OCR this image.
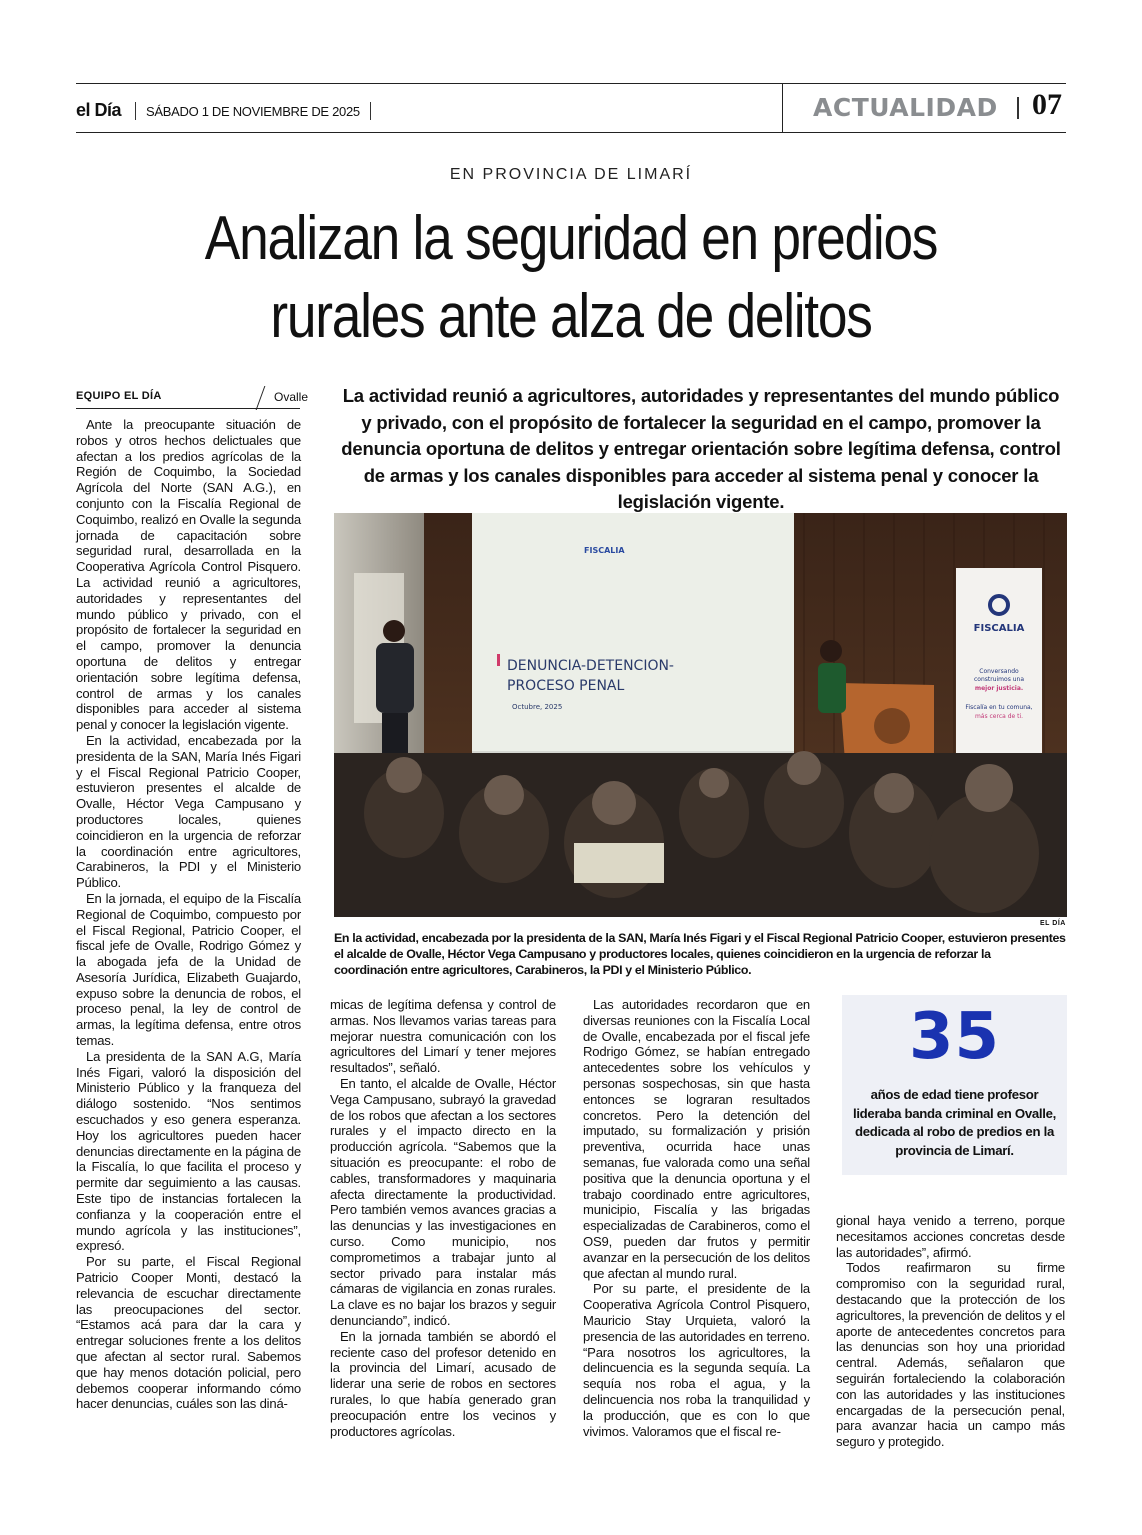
el Día SÁBADO 1 DE NOVIEMBRE DE 2025	ACTUALIDAD 07
EN PROVINCIA DE LIMARÍ
Analizan la seguridad en predios rurales ante alza de delitos
EQUIPO EL DÍA	Ovalle La actividad reunió a agricultores, autoridades y representantes del mundo público y privado, con el propósito de fortalecer la seguridad en el campo, promover la denuncia oportuna de delitos y entregar orientación sobre legítima defensa, control de armas y los canales disponibles para acceder al sistema penal y conocer la legislación vigente.
FISCALIA
DENUNCIA-DETENCION-
PROCESO PENAL
Octubre, 2025
FISCALIA
Conversando
construimos una
mejor justicia.
Fiscalía en tu comuna,
más cerca de ti.
EL DÍA
En la actividad, encabezada por la presidenta de la SAN, María Inés Figari y el Fiscal Regional Patricio Cooper, estuvieron presentes el alcalde de Ovalle, Héctor Vega Campusano y productores locales, quienes coincidieron en la urgencia de reforzar la coordinación entre agricultores, Carabineros, la PDI y el Ministerio Público.

Ante la preocupante situación de robos y otros hechos delictuales que afectan a los predios agrícolas de la Región de Coquimbo, la Sociedad Agrícola del Norte (SAN A.G.), en conjunto con la Fiscalía Regional de Coquimbo, realizó en Ovalle la segunda jornada de capacitación sobre seguridad rural, desarrollada en la Cooperativa Agrícola Control Pisquero. La actividad reunió a agricultores, autoridades y representantes del mundo público y privado, con el propósito de fortalecer la seguridad en el campo, promover la denuncia oportuna de delitos y entregar orientación sobre legítima defensa, control de armas y los canales disponibles para acceder al sistema penal y conocer la legislación vigente.

En la actividad, encabezada por la presidenta de la SAN, María Inés Figari y el Fiscal Regional Patricio Cooper, estuvieron presentes el alcalde de Ovalle, Héctor Vega Campusano y productores locales, quienes coincidieron en la urgencia de reforzar la coordinación entre agricultores, Carabineros, la PDI y el Ministerio Público.

En la jornada, el equipo de la Fiscalía Regional de Coquimbo, compuesto por el Fiscal Regional, Patricio Cooper, el fiscal jefe de Ovalle, Rodrigo Gómez y la abogada jefa de la Unidad de Asesoría Jurídica, Elizabeth Guajardo, expuso sobre la denuncia de robos, el proceso penal, la ley de control de armas, la legítima defensa, entre otros temas.

La presidenta de la SAN A.G, María Inés Figari, valoró la disposición del Ministerio Público y la franqueza del diálogo sostenido. “Nos sentimos escuchados y eso genera esperanza. Hoy los agricultores pueden hacer denuncias directamente en la página de la Fiscalía, lo que facilita el proceso y permite dar seguimiento a las causas. Este tipo de instancias fortalecen la confianza y la cooperación entre el mundo agrícola y las instituciones”, expresó.

Por su parte, el Fiscal Regional Patricio Cooper Monti, destacó la relevancia de escuchar directamente las preocupaciones del sector. “Estamos acá para dar la cara y entregar soluciones frente a los delitos que afectan al sector rural. Sabemos que hay menos dotación policial, pero debemos cooperar informando cómo hacer denuncias, cuáles son las diná-

micas de legítima defensa y control de armas. Nos llevamos varias tareas para mejorar nuestra comunicación con los agricultores del Limarí y tener mejores resultados”, señaló.

En tanto, el alcalde de Ovalle, Héctor Vega Campusano, subrayó la gravedad de los robos que afectan a los sectores rurales y el impacto directo en la producción agrícola. “Sabemos que la situación es preocupante: el robo de cables, transformadores y maquinaria afecta directamente la productividad. Pero también vemos avances gracias a las denuncias y las investigaciones en curso. Como municipio, nos comprometimos a trabajar junto al sector privado para instalar más cámaras de vigilancia en zonas rurales. La clave es no bajar los brazos y seguir denunciando”, indicó.

En la jornada también se abordó el reciente caso del profesor detenido en la provincia del Limarí, acusado de liderar una serie de robos en sectores rurales, lo que había generado gran preocupación entre los vecinos y productores agrícolas.

Las autoridades recordaron que en diversas reuniones con la Fiscalía Local de Ovalle, encabezada por el fiscal jefe Rodrigo Gómez, se habían entregado antecedentes sobre los vehículos y personas sospechosas, sin que hasta entonces se lograran resultados concretos. Pero la detención del imputado, su formalización y prisión preventiva, ocurrida hace unas semanas, fue valorada como una señal positiva que la denuncia oportuna y el trabajo coordinado entre agricultores, municipio, Fiscalía y las brigadas especializadas de Carabineros, como el OS9, pueden dar frutos y permitir avanzar en la persecución de los delitos que afectan al mundo rural.

Por su parte, el presidente de la Cooperativa Agrícola Control Pisquero, Mauricio Stay Urquieta, valoró la presencia de las autoridades en terreno. “Para nosotros los agricultores, la delincuencia es la segunda sequía. La sequía nos roba el agua, y la delincuencia nos roba la tranquilidad y la producción, que es con lo que vivimos. Valoramos que el fiscal re-

35
años de edad tiene profesor lideraba banda criminal en Ovalle, dedicada al robo de predios en la provincia de Limarí.

gional haya venido a terreno, porque necesitamos acciones concretas desde las autoridades”, afirmó.

Todos reafirmaron su firme compromiso con la seguridad rural, destacando que la protección de los agricultores, la prevención de delitos y el aporte de antecedentes concretos para las denuncias son hoy una prioridad central. Además, señalaron que seguirán fortaleciendo la colaboración con las autoridades y las instituciones encargadas de la persecución penal, para avanzar hacia un campo más seguro y protegido.
